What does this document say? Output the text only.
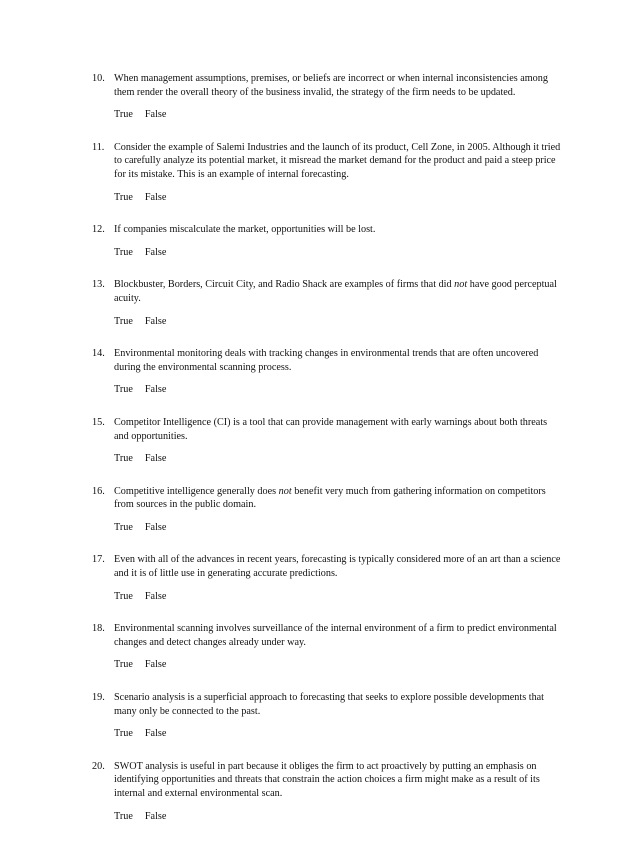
10. When management assumptions, premises, or beliefs are incorrect or when internal inconsistencies among them render the overall theory of the business invalid, the strategy of the firm needs to be updated.

True False
11. Consider the example of Salemi Industries and the launch of its product, Cell Zone, in 2005. Although it tried to carefully analyze its potential market, it misread the market demand for the product and paid a steep price for its mistake. This is an example of internal forecasting.

True False
12. If companies miscalculate the market, opportunities will be lost.

True False
13. Blockbuster, Borders, Circuit City, and Radio Shack are examples of firms that did not have good perceptual acuity.

True False
14. Environmental monitoring deals with tracking changes in environmental trends that are often uncovered during the environmental scanning process.

True False
15. Competitor Intelligence (CI) is a tool that can provide management with early warnings about both threats and opportunities.

True False
16. Competitive intelligence generally does not benefit very much from gathering information on competitors from sources in the public domain.

True False
17. Even with all of the advances in recent years, forecasting is typically considered more of an art than a science and it is of little use in generating accurate predictions.

True False
18. Environmental scanning involves surveillance of the internal environment of a firm to predict environmental changes and detect changes already under way.

True False
19. Scenario analysis is a superficial approach to forecasting that seeks to explore possible developments that many only be connected to the past.

True False
20. SWOT analysis is useful in part because it obliges the firm to act proactively by putting an emphasis on identifying opportunities and threats that constrain the action choices a firm might make as a result of its internal and external environmental scan.

True False
